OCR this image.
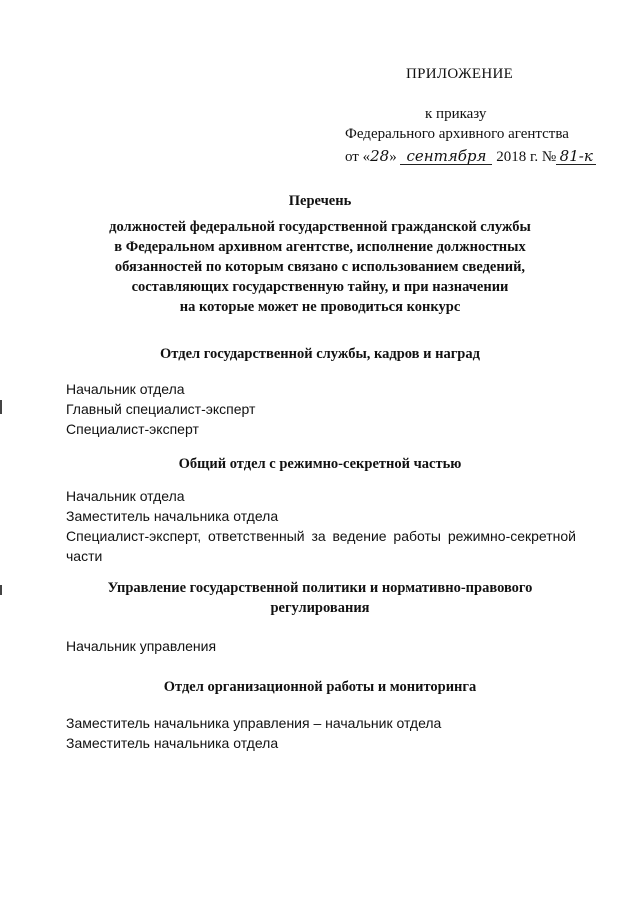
ПРИЛОЖЕНИЕ
к приказу
Федерального архивного агентства
от «28» сентября 2018 г. № 81-к
Перечень
должностей федеральной государственной гражданской службы
в Федеральном архивном агентстве, исполнение должностных
обязанностей по которым связано с использованием сведений,
составляющих государственную тайну, и при назначении
на которые может не проводиться конкурс
Отдел государственной службы, кадров и наград
Начальник отдела
Главный специалист-эксперт
Специалист-эксперт
Общий отдел с режимно-секретной частью
Начальник отдела
Заместитель начальника отдела
Специалист-эксперт, ответственный за ведение работы режимно-секретной части
Управление государственной политики и нормативно-правового
регулирования
Начальник управления
Отдел организационной работы и мониторинга
Заместитель начальника управления – начальник отдела
Заместитель начальника отдела
